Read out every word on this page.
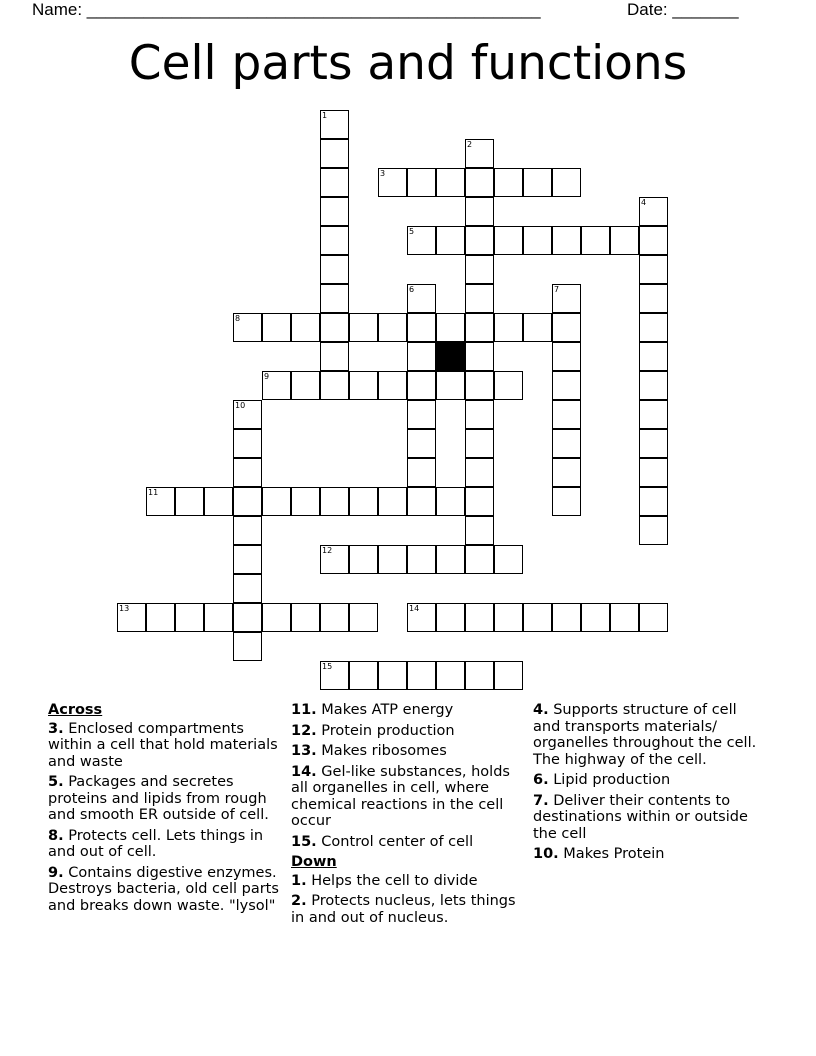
Name: ________________________________________________	Date: _______
Cell parts and functions
1
2
3
4
5
6	7
8
9
10
11
12
13	14
15
Across
3. Enclosed compartments within a cell that hold materials and waste
5. Packages and secretes proteins and lipids from rough and smooth ER outside of cell.
8. Protects cell. Lets things in and out of cell.
9. Contains digestive enzymes. Destroys bacteria, old cell parts and breaks down waste. "lysol"
11. Makes ATP energy
12. Protein production
13. Makes ribosomes
14. Gel-like substances, holds all organelles in cell, where chemical reactions in the cell occur
15. Control center of cell
Down
1. Helps the cell to divide
2. Protects nucleus, lets things in and out of nucleus.
4. Supports structure of cell and transports materials/ organelles throughout the cell. The highway of the cell.
6. Lipid production
7. Deliver their contents to destinations within or outside the cell
10. Makes Protein
